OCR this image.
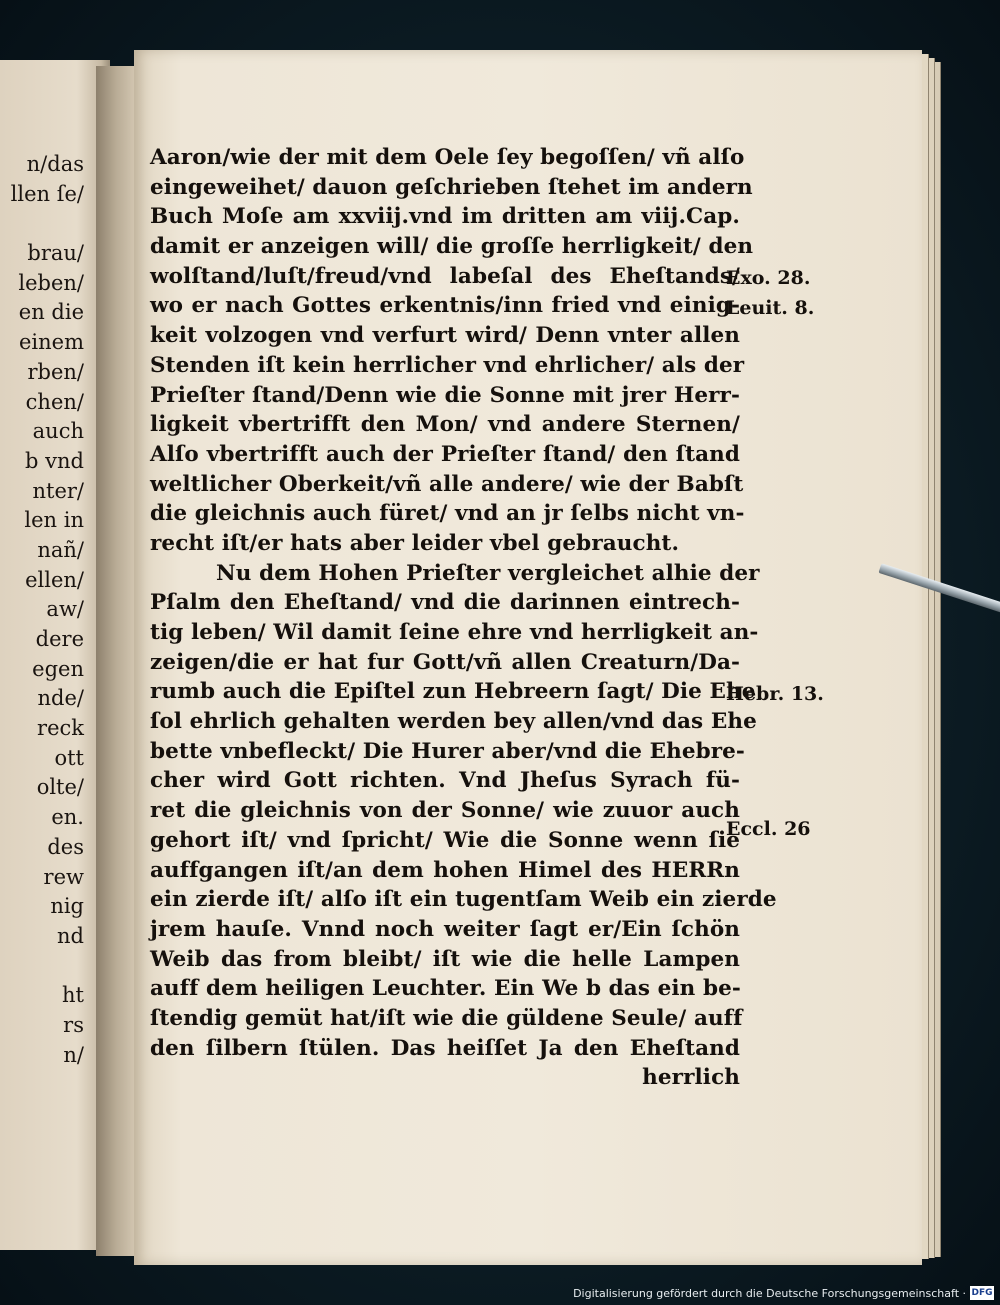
n/das
llen ſe/
brau/
leben/
en die
einem
rben/
chen/
auch
b vnd
nter/
len in
nañ/
ellen/
aw/
dere
egen
nde/
reck
ott
olte/
en.
des
rew
nig
nd
ht
rs
n/
Aaron/wie der mit dem Oele ſey begoſſen/ vñ alſo
eingeweihet/ dauon geſchrieben ſtehet im andern
Buch Moſe am xxviij.vnd im dritten am viij.Cap.
damit er anzeigen will/ die groſſe herrligkeit/ den
wolſtand/luſt/freud/vnd labeſal des Eheſtands/
wo er nach Gottes erkentnis/inn fried vnd einig-
keit volzogen vnd verfurt wird/ Denn vnter allen
Stenden iſt kein herrlicher vnd ehrlicher/ als der
Prieſter ſtand/Denn wie die Sonne mit jrer Herr-
ligkeit vbertrifft den Mon/ vnd andere Sternen/
Alſo vbertrifft auch der Prieſter ſtand/ den ſtand
weltlicher Oberkeit/vñ alle andere/ wie der Babſt
die gleichnis auch füret/ vnd an jr ſelbs nicht vn-
recht iſt/er hats aber leider vbel gebraucht.
Nu dem Hohen Prieſter vergleichet alhie der
Pſalm den Eheſtand/ vnd die darinnen eintrech-
tig leben/ Wil damit ſeine ehre vnd herrligkeit an-
zeigen/die er hat fur Gott/vñ allen Creaturn/Da-
rumb auch die Epiſtel zun Hebreern ſagt/ Die Ehe
ſol ehrlich gehalten werden bey allen/vnd das Ehe
bette vnbefleckt/ Die Hurer aber/vnd die Ehebre-
cher wird Gott richten. Vnd Jheſus Syrach fü-
ret die gleichnis von der Sonne/ wie zuuor auch
gehort iſt/ vnd ſpricht/ Wie die Sonne wenn ſie
auffgangen iſt/an dem hohen Himel des HERRn
ein zierde iſt/ alſo iſt ein tugentſam Weib ein zierde
jrem hauſe. Vnnd noch weiter ſagt er/Ein ſchön
Weib das from bleibt/ iſt wie die helle Lampen
auff dem heiligen Leuchter. Ein We b das ein be-
ſtendig gemüt hat/iſt wie die güldene Seule/ auff
den ſilbern ſtülen. Das heiſſet Ja den Eheſtand
herrlich
Exo. 28.
Leuit. 8.
Hebr. 13.
Eccl. 26
Digitalisierung gefördert durch die Deutsche Forschungsgemeinschaft · DFG
